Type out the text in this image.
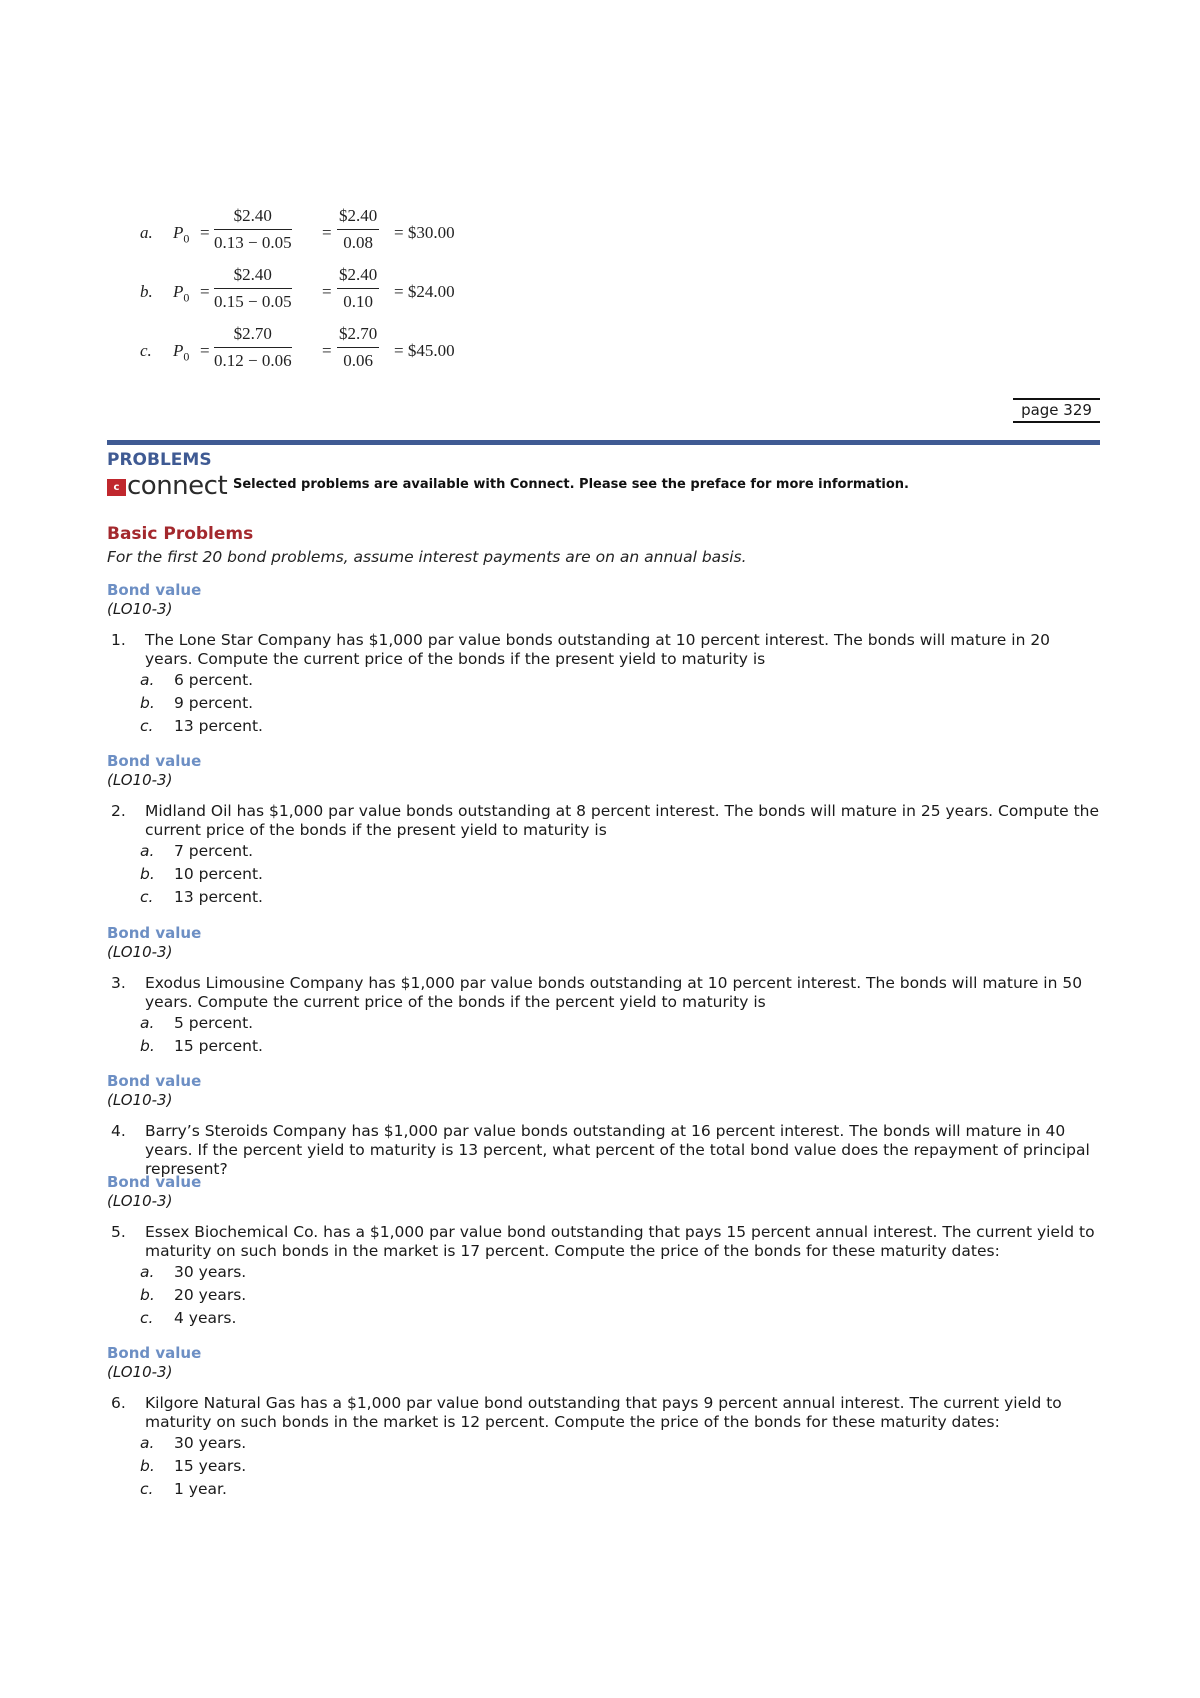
a. $P_0 = \frac{\$2.40}{0.13 - 0.05} = \frac{\$2.40}{0.08}$ = $30.00
b. $P_0 = \frac{\$2.40}{0.15 - 0.05} = \frac{\$2.40}{0.10}$ = $24.00
c. $P_0 = \frac{\$2.70}{0.12 - 0.06} = \frac{\$2.70}{0.06}$ = $45.00
page 329
PROBLEMS
c connect Selected problems are available with Connect. Please see the preface for more information.
Basic Problems
For the first 20 bond problems, assume interest payments are on an annual basis.
Bond value
(LO10-3)
1. The Lone Star Company has $1,000 par value bonds outstanding at 10 percent interest. The bonds will mature in 20 years. Compute the current price of the bonds if the present yield to maturity is
a. 6 percent.
b. 9 percent.
c. 13 percent.
Bond value
(LO10-3)
2. Midland Oil has $1,000 par value bonds outstanding at 8 percent interest. The bonds will mature in 25 years. Compute the current price of the bonds if the present yield to maturity is
a. 7 percent.
b. 10 percent.
c. 13 percent.
Bond value
(LO10-3)
3. Exodus Limousine Company has $1,000 par value bonds outstanding at 10 percent interest. The bonds will mature in 50 years. Compute the current price of the bonds if the percent yield to maturity is
a. 5 percent.
b. 15 percent.
Bond value
(LO10-3)
4. Barry’s Steroids Company has $1,000 par value bonds outstanding at 16 percent interest. The bonds will mature in 40 years. If the percent yield to maturity is 13 percent, what percent of the total bond value does the repayment of principal represent?
Bond value
(LO10-3)
5. Essex Biochemical Co. has a $1,000 par value bond outstanding that pays 15 percent annual interest. The current yield to maturity on such bonds in the market is 17 percent. Compute the price of the bonds for these maturity dates:
a. 30 years.
b. 20 years.
c. 4 years.
Bond value
(LO10-3)
6. Kilgore Natural Gas has a $1,000 par value bond outstanding that pays 9 percent annual interest. The current yield to maturity on such bonds in the market is 12 percent. Compute the price of the bonds for these maturity dates:
a. 30 years.
b. 15 years.
c. 1 year.
